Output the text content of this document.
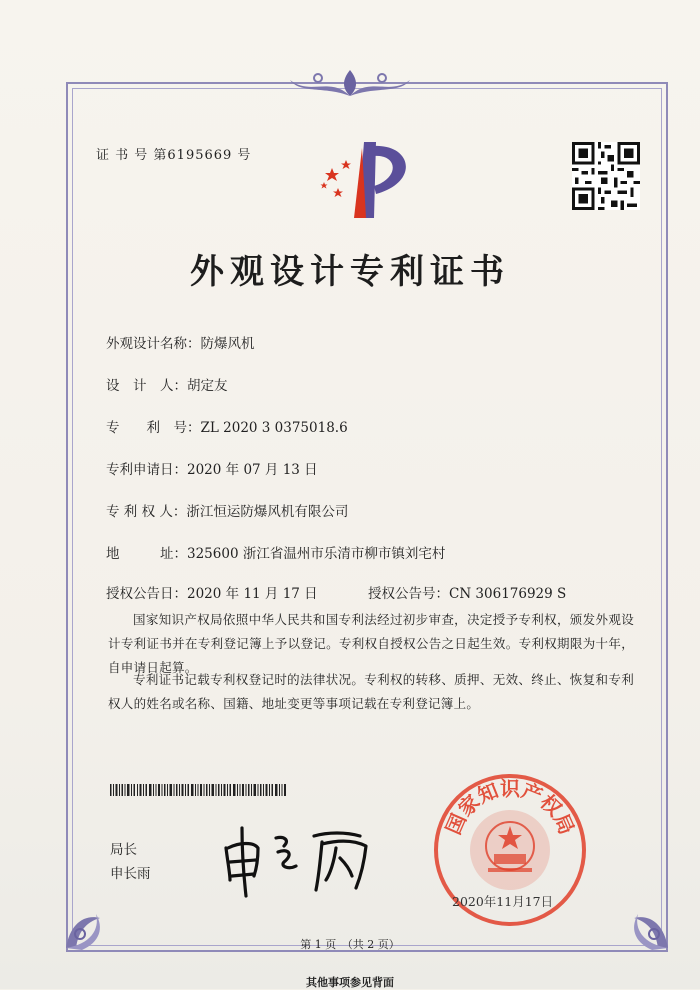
证 书 号 第6195669 号
外观设计专利证书
外观设计名称：防爆风机
设　计　人：胡定友
专　　利　号：ZL 2020 3 0375018.6
专利申请日：2020 年 07 月 13 日
专 利 权 人：浙江恒运防爆风机有限公司
地　　　址：325600 浙江省温州市乐清市柳市镇刘宅村
授权公告日：2020 年 11 月 17 日	授权公告号：CN 306176929 S
国家知识产权局依照中华人民共和国专利法经过初步审查，决定授予专利权，颁发外观设计专利证书并在专利登记簿上予以登记。专利权自授权公告之日起生效。专利权期限为十年，自申请日起算。
专利证书记载专利权登记时的法律状况。专利权的转移、质押、无效、终止、恢复和专利权人的姓名或名称、国籍、地址变更等事项记载在专利登记簿上。
局长
申长雨
国家知识产权局
2020年11月17日
第 1 页　（共 2 页）
其他事项参见背面
